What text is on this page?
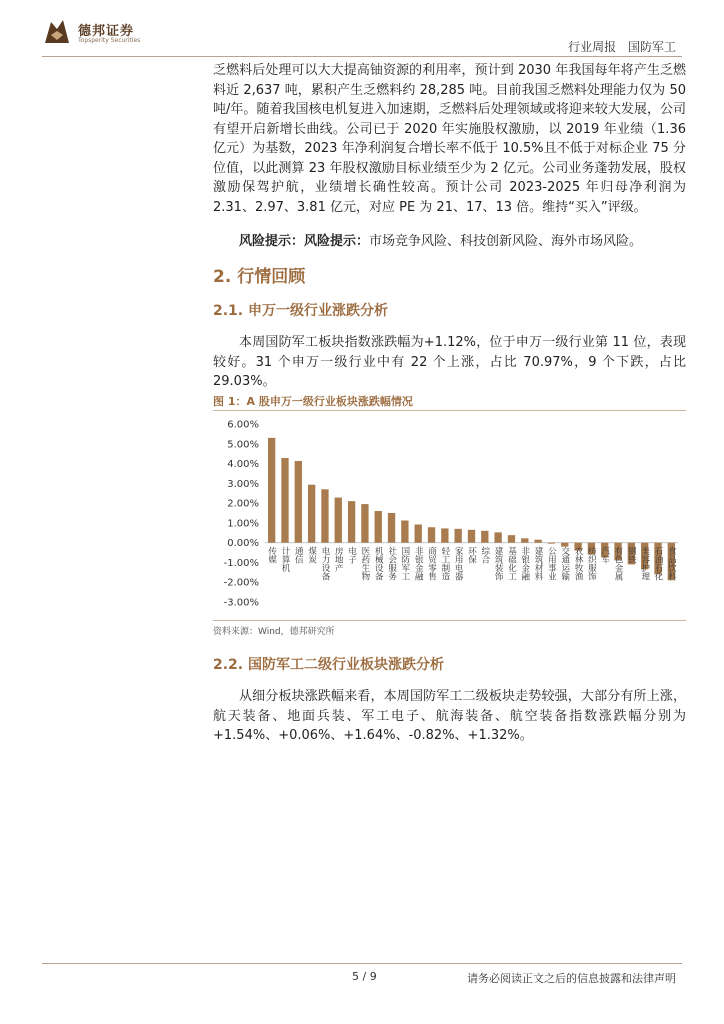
德邦证券
Topsperity Securities	行业周报 国防军工

乏燃料后处理可以大大提高铀资源的利用率，预计到 2030 年我国每年将产生乏燃料近 2,637 吨，累积产生乏燃料约 28,285 吨。目前我国乏燃料处理能力仅为 50 吨/年。随着我国核电机复进入加速期，乏燃料后处理领域或将迎来较大发展，公司有望开启新增长曲线。公司已于 2020 年实施股权激励，以 2019 年业绩（1.36 亿元）为基数，2023 年净利润复合增长率不低于 10.5%且不低于对标企业 75 分位值，以此测算 23 年股权激励目标业绩至少为 2 亿元。公司业务蓬勃发展，股权激励保驾护航，业绩增长确性较高。预计公司 2023-2025 年归母净利润为 2.31、2.97、3.81 亿元，对应 PE 为 21、17、13 倍。维持“买入”评级。

风险提示：风险提示：市场竞争风险、科技创新风险、海外市场风险。

2. 行情回顾
2.1. 申万一级行业涨跌分析

本周国防军工板块指数涨跌幅为+1.12%，位于申万一级行业第 11 位，表现较好。31 个申万一级行业中有 22 个上涨，占比 70.97%，9 个下跌，占比 29.03%。

图 1：A 股申万一级行业板块涨跌幅情况
6.00%
5.00%
4.00%
3.00%
2.00%
1.00%
0.00%
-1.00%
-2.00%
-3.00%
传媒 计算机 通信 煤炭 电力设备 房地产 电子 医药生物 机械设备 社会服务 国防军工 非银金融 商贸零售 轻工制造 家用电器 环保 综合 建筑装饰 基础化工 非银金融 建筑材料 公用事业 交通运输 农林牧渔 纺织服饰 汽车 有色金属 钢铁 美容护理 石油石化 食品饮料
资料来源：Wind，德邦研究所
2.2. 国防军工二级行业板块涨跌分析

从细分板块涨跌幅来看，本周国防军工二级板块走势较强，大部分有所上涨，航天装备、地面兵装、军工电子、航海装备、航空装备指数涨跌幅分别为+1.54%、+0.06%、+1.64%、-0.82%、+1.32%。

5 / 9	请务必阅读正文之后的信息披露和法律声明
